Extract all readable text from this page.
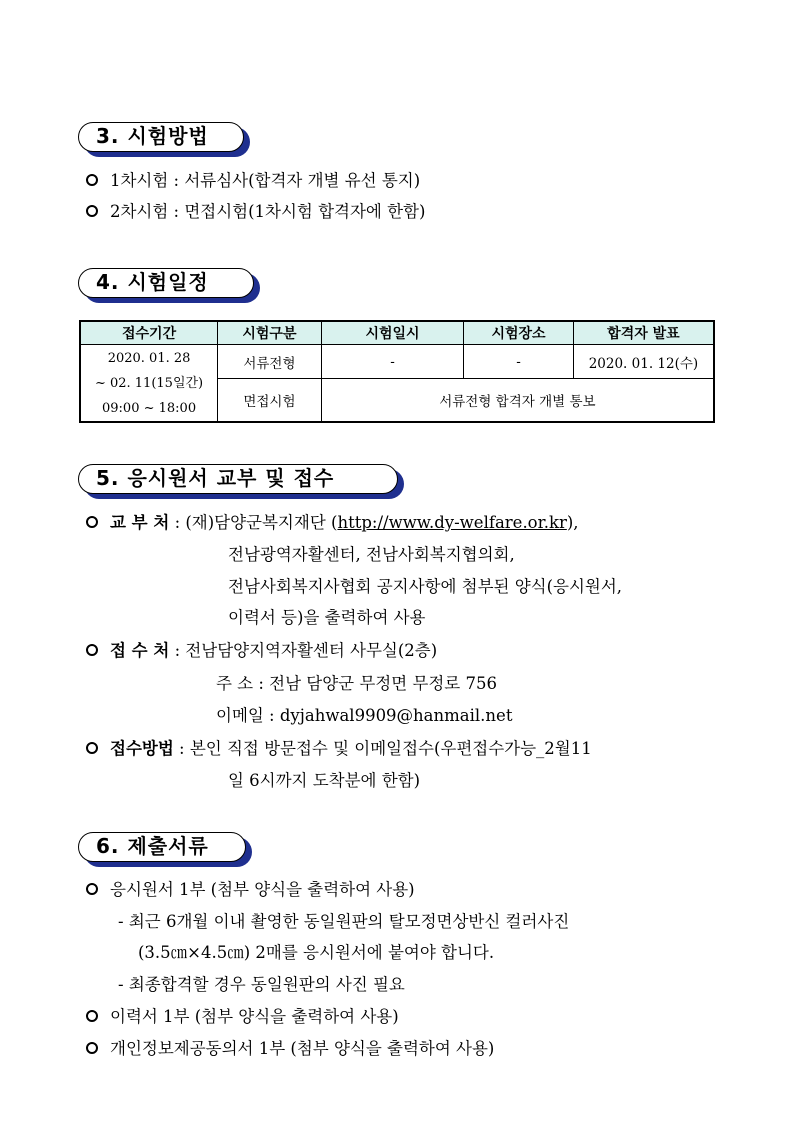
3. 시험방법
1차시험 : 서류심사(합격자 개별 유선 통지)
2차시험 : 면접시험(1차시험 합격자에 한함)
4. 시험일정
접수기간	시험구분	시험일시	시험장소	합격자 발표

2020. 01. 28
~ 02. 11(15일간)
09:00 ~ 18:00	서류전형	-	-	2020. 01. 12(수)
	면접시험	서류전형 합격자 개별 통보		
5. 응시원서 교부 및 접수
교 부 처 : (재)담양군복지재단 (http://www.dy-welfare.or.kr),
전남광역자활센터, 전남사회복지협의회,
전남사회복지사협회 공지사항에 첨부된 양식(응시원서,
이력서 등)을 출력하여 사용
접 수 처 : 전남담양지역자활센터 사무실(2층)
주 소 : 전남 담양군 무정면 무정로 756
이메일 : dyjahwal9909@hanmail.net
접수방법 : 본인 직접 방문접수 및 이메일접수(우편접수가능_2월11
일 6시까지 도착분에 한함)
6. 제출서류
응시원서 1부 (첨부 양식을 출력하여 사용)
- 최근 6개월 이내 촬영한 동일원판의 탈모정면상반신 컬러사진
(3.5㎝×4.5㎝) 2매를 응시원서에 붙여야 합니다.
- 최종합격할 경우 동일원판의 사진 필요
이력서 1부 (첨부 양식을 출력하여 사용)
개인정보제공동의서 1부 (첨부 양식을 출력하여 사용)
